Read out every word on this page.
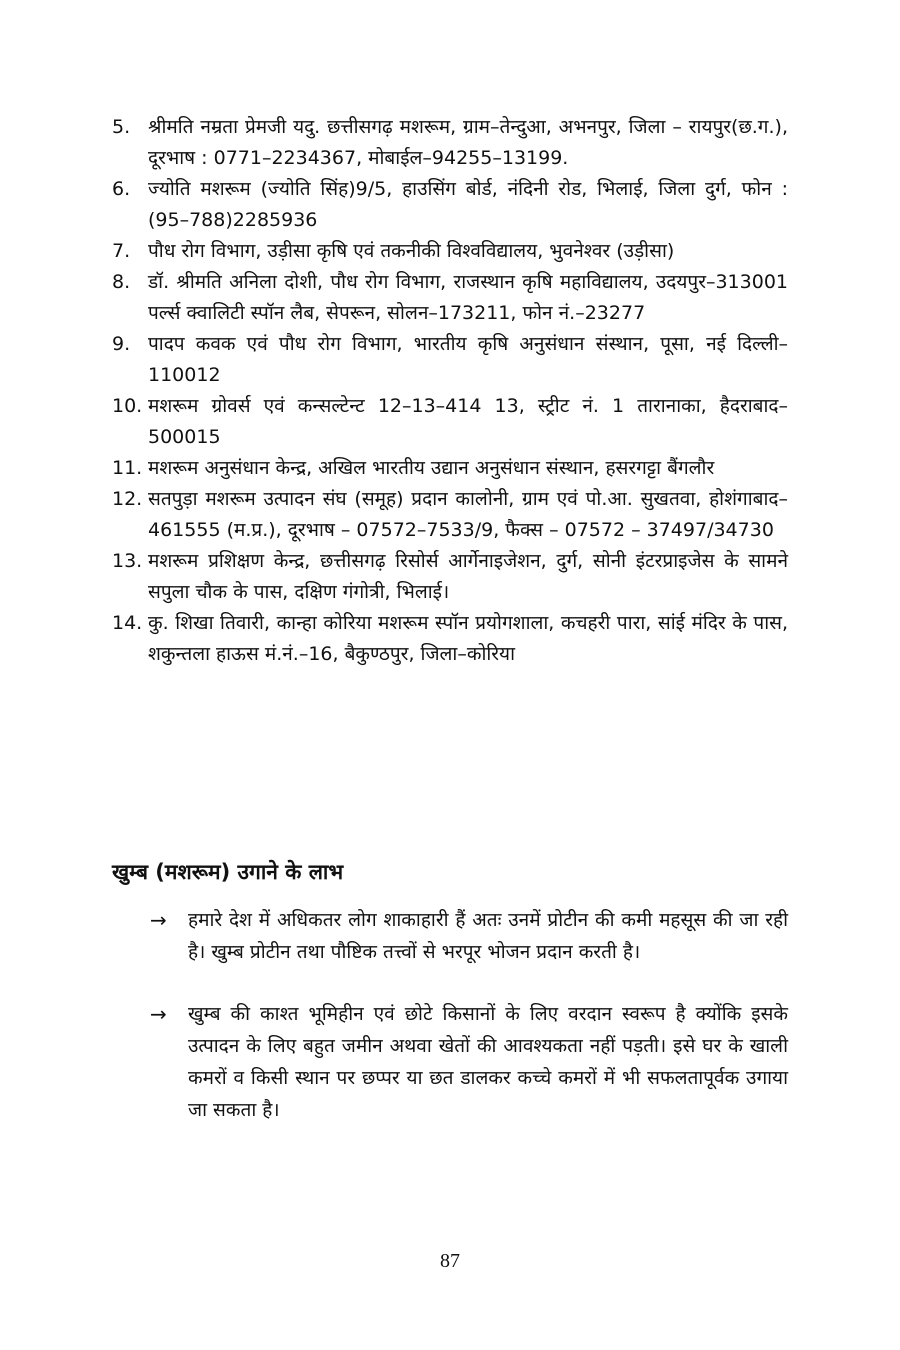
5. श्रीमति नम्रता प्रेमजी यदु. छत्तीसगढ़ मशरूम, ग्राम–तेन्दुआ, अभनपुर, जिला – रायपुर(छ.ग.), दूरभाष : 0771–2234367, मोबाईल–94255–13199.
6. ज्योति मशरूम (ज्योति सिंह)9/5, हाउसिंग बोर्ड, नंदिनी रोड, भिलाई, जिला दुर्ग, फोन : (95–788)2285936
7. पौध रोग विभाग, उड़ीसा कृषि एवं तकनीकी विश्वविद्यालय, भुवनेश्वर (उड़ीसा)
8. डॉ. श्रीमति अनिला दोशी, पौध रोग विभाग, राजस्थान कृषि महाविद्यालय, उदयपुर–313001 पर्ल्स क्वालिटी स्पॉन लैब, सेपरून, सोलन–173211, फोन नं.–23277
9. पादप कवक एवं पौध रोग विभाग, भारतीय कृषि अनुसंधान संस्थान, पूसा, नई दिल्ली–110012
10. मशरूम ग्रोवर्स एवं कन्सल्टेन्ट 12–13–414 13, स्ट्रीट नं. 1 तारानाका, हैदराबाद–500015
11. मशरूम अनुसंधान केन्द्र, अखिल भारतीय उद्यान अनुसंधान संस्थान, हसरगट्टा बैंगलौर
12. सतपुड़ा मशरूम उत्पादन संघ (समूह) प्रदान कालोनी, ग्राम एवं पो.आ. सुखतवा, होशंगाबाद–461555 (म.प्र.), दूरभाष – 07572–7533/9, फैक्स – 07572 – 37497/34730
13. मशरूम प्रशिक्षण केन्द्र, छत्तीसगढ़ रिसोर्स आर्गेनाइजेशन, दुर्ग, सोनी इंटरप्राइजेस के सामने सपुला चौक के पास, दक्षिण गंगोत्री, भिलाई।
14. कु. शिखा तिवारी, कान्हा कोरिया मशरूम स्पॉन प्रयोगशाला, कचहरी पारा, सांई मंदिर के पास, शकुन्तला हाऊस मं.नं.–16, बैकुण्ठपुर, जिला–कोरिया
खुम्ब (मशरूम) उगाने के लाभ
→	हमारे देश में अधिकतर लोग शाकाहारी हैं अतः उनमें प्रोटीन की कमी महसूस की जा रही है। खुम्ब प्रोटीन तथा पौष्टिक तत्त्वों से भरपूर भोजन प्रदान करती है।
→	खुम्ब की काश्त भूमिहीन एवं छोटे किसानों के लिए वरदान स्वरूप है क्योंकि इसके उत्पादन के लिए बहुत जमीन अथवा खेतों की आवश्यकता नहीं पड़ती। इसे घर के खाली कमरों व किसी स्थान पर छप्पर या छत डालकर कच्चे कमरों में भी सफलतापूर्वक उगाया जा सकता है।
87
